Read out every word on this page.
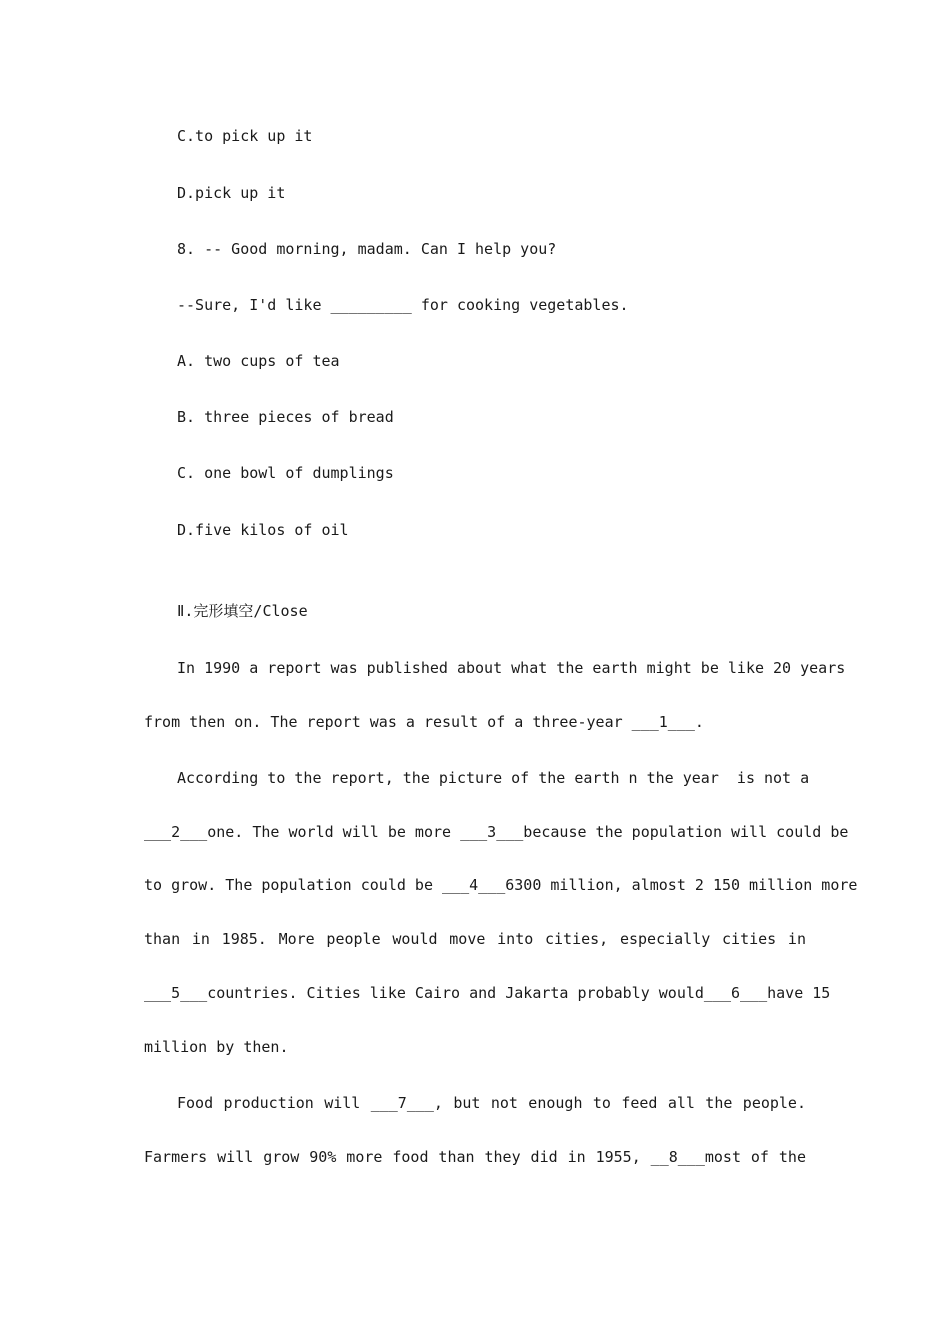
C.to pick up it
D.pick up it
8. -- Good morning, madam. Can I help you?
--Sure, I'd like _________ for cooking vegetables.
A. two cups of tea
B. three pieces of bread
C. one bowl of dumplings
D.five kilos of oil
Ⅱ.完形填空/Close
In 1990 a report was published about what the earth might be like 20 years
from then on. The report was a result of a three-year ___1___.
According to the report, the picture of the earth n the year  is not a
___2___one. The world will be more ___3___because the population will could be
to grow. The population could be ___4___6300 million, almost 2 150 million more
than in 1985. More people would move into cities, especially cities in
___5___countries. Cities like Cairo and Jakarta probably would___6___have 15
million by then.
Food production will ___7___, but not enough to feed all the people.
Farmers will grow 90% more food than they did in 1955, __8___most of the
